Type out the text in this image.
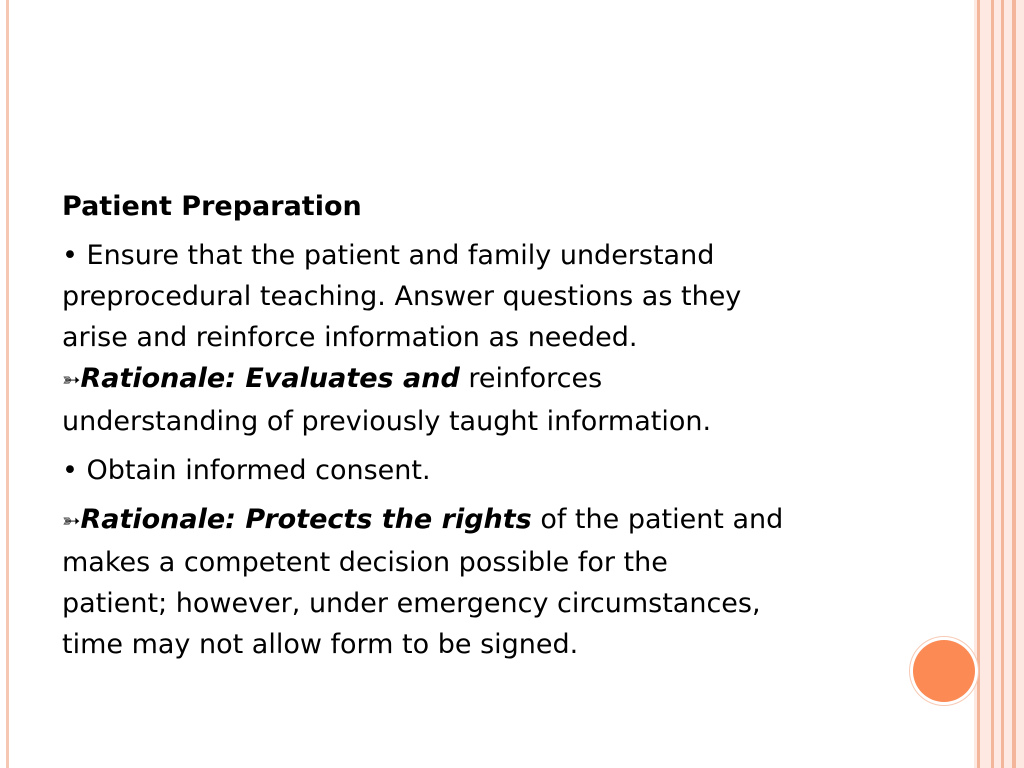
Patient Preparation
• Ensure that the patient and family understand
preprocedural teaching. Answer questions as they
arise and reinforce information as needed.
➳Rationale: Evaluates and reinforces
understanding of previously taught information.
• Obtain informed consent.
➳Rationale: Protects the rights of the patient and
makes a competent decision possible for the
patient; however, under emergency circumstances,
time may not allow form to be signed.
